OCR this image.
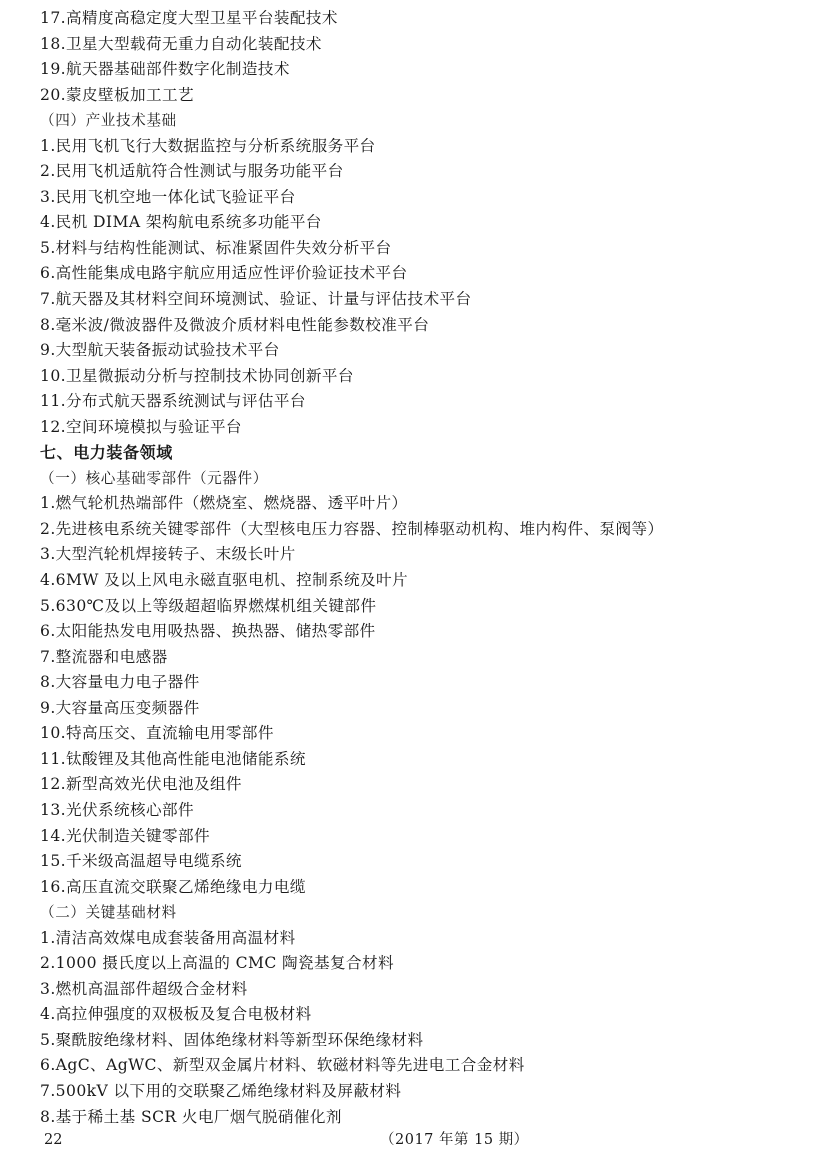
17.高精度高稳定度大型卫星平台装配技术
18.卫星大型载荷无重力自动化装配技术
19.航天器基础部件数字化制造技术
20.蒙皮壁板加工工艺
（四）产业技术基础
1.民用飞机飞行大数据监控与分析系统服务平台
2.民用飞机适航符合性测试与服务功能平台
3.民用飞机空地一体化试飞验证平台
4.民机 DIMA 架构航电系统多功能平台
5.材料与结构性能测试、标准紧固件失效分析平台
6.高性能集成电路宇航应用适应性评价验证技术平台
7.航天器及其材料空间环境测试、验证、计量与评估技术平台
8.毫米波/微波器件及微波介质材料电性能参数校准平台
9.大型航天装备振动试验技术平台
10.卫星微振动分析与控制技术协同创新平台
11.分布式航天器系统测试与评估平台
12.空间环境模拟与验证平台
七、电力装备领域
（一）核心基础零部件（元器件）
1.燃气轮机热端部件（燃烧室、燃烧器、透平叶片）
2.先进核电系统关键零部件（大型核电压力容器、控制棒驱动机构、堆内构件、泵阀等）
3.大型汽轮机焊接转子、末级长叶片
4.6MW 及以上风电永磁直驱电机、控制系统及叶片
5.630℃及以上等级超超临界燃煤机组关键部件
6.太阳能热发电用吸热器、换热器、储热零部件
7.整流器和电感器
8.大容量电力电子器件
9.大容量高压变频器件
10.特高压交、直流输电用零部件
11.钛酸锂及其他高性能电池储能系统
12.新型高效光伏电池及组件
13.光伏系统核心部件
14.光伏制造关键零部件
15.千米级高温超导电缆系统
16.高压直流交联聚乙烯绝缘电力电缆
（二）关键基础材料
1.清洁高效煤电成套装备用高温材料
2.1000 摄氏度以上高温的 CMC 陶瓷基复合材料
3.燃机高温部件超级合金材料
4.高拉伸强度的双极板及复合电极材料
5.聚酰胺绝缘材料、固体绝缘材料等新型环保绝缘材料
6.AgC、AgWC、新型双金属片材料、软磁材料等先进电工合金材料
7.500kV 以下用的交联聚乙烯绝缘材料及屏蔽材料
8.基于稀土基 SCR 火电厂烟气脱硝催化剂
22	（2017 年第 15 期）
